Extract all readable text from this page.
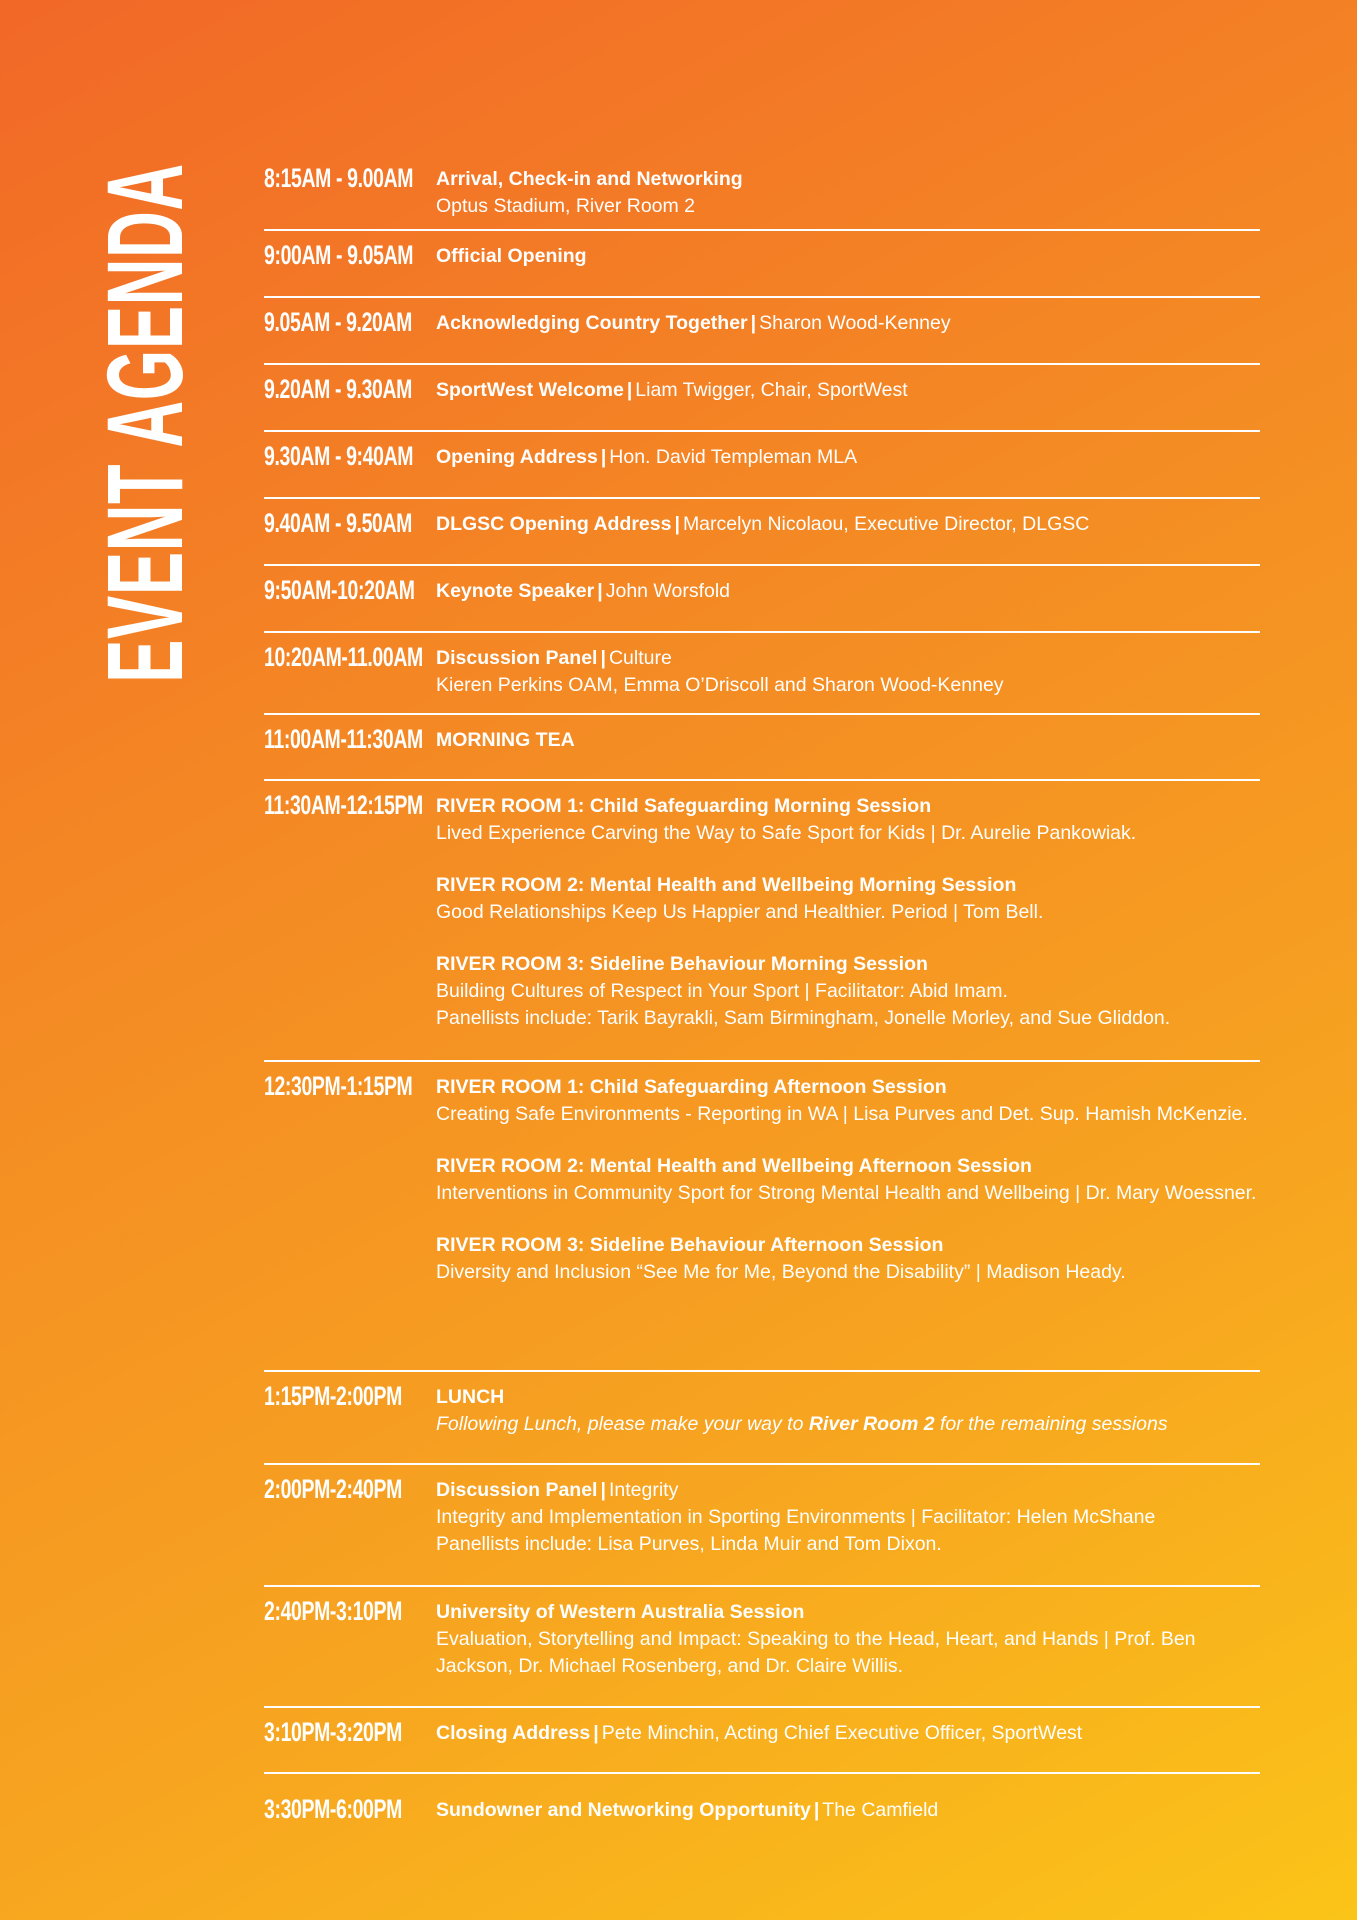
EVENT AGENDA 8:15AM - 9.00AM Arrival, Check-in and Networking
Optus Stadium, River Room 2
9:00AM - 9.05AM Official Opening
9.05AM - 9.20AM Acknowledging Country Together | Sharon Wood-Kenney
9.20AM - 9.30AM SportWest Welcome | Liam Twigger, Chair, SportWest
9.30AM - 9:40AM Opening Address | Hon. David Templeman MLA
9.40AM - 9.50AM DLGSC Opening Address | Marcelyn Nicolaou, Executive Director, DLGSC
9:50AM-10:20AM Keynote Speaker | John Worsfold
10:20AM-11.00AM Discussion Panel | Culture
Kieren Perkins OAM, Emma O’Driscoll and Sharon Wood-Kenney
11:00AM-11:30AM MORNING TEA
11:30AM-12:15PM RIVER ROOM 1: Child Safeguarding Morning Session
Lived Experience Carving the Way to Safe Sport for Kids | Dr. Aurelie Pankowiak.
RIVER ROOM 2: Mental Health and Wellbeing Morning Session
Good Relationships Keep Us Happier and Healthier. Period | Tom Bell.
RIVER ROOM 3: Sideline Behaviour Morning Session
Building Cultures of Respect in Your Sport | Facilitator: Abid Imam.
Panellists include: Tarik Bayrakli, Sam Birmingham, Jonelle Morley, and Sue Gliddon.
12:30PM-1:15PM RIVER ROOM 1: Child Safeguarding Afternoon Session
Creating Safe Environments - Reporting in WA | Lisa Purves and Det. Sup. Hamish McKenzie.
RIVER ROOM 2: Mental Health and Wellbeing Afternoon Session
Interventions in Community Sport for Strong Mental Health and Wellbeing | Dr. Mary Woessner.
RIVER ROOM 3: Sideline Behaviour Afternoon Session
Diversity and Inclusion “See Me for Me, Beyond the Disability” | Madison Heady.
1:15PM-2:00PM LUNCH
Following Lunch, please make your way to River Room 2 for the remaining sessions
2:00PM-2:40PM Discussion Panel | Integrity
Integrity and Implementation in Sporting Environments | Facilitator: Helen McShane
Panellists include: Lisa Purves, Linda Muir and Tom Dixon.
2:40PM-3:10PM University of Western Australia Session
Evaluation, Storytelling and Impact: Speaking to the Head, Heart, and Hands | Prof. Ben Jackson, Dr. Michael Rosenberg, and Dr. Claire Willis.
3:10PM-3:20PM Closing Address | Pete Minchin, Acting Chief Executive Officer, SportWest
3:30PM-6:00PM Sundowner and Networking Opportunity | The Camfield
